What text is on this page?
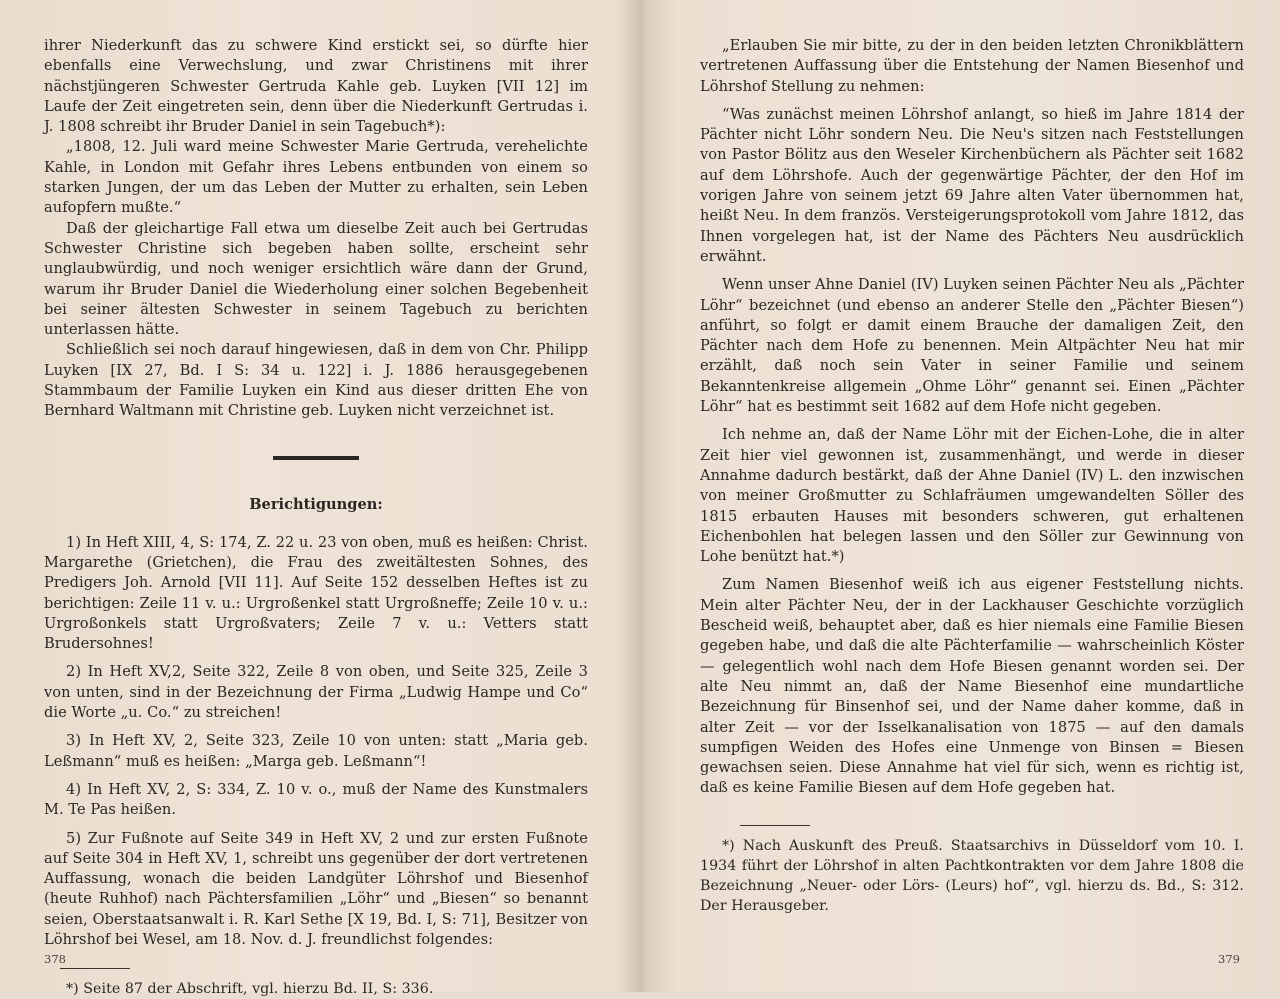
ihrer Niederkunft das zu schwere Kind erstickt sei, so dürfte hier ebenfalls eine Verwechslung, und zwar Christinens mit ihrer nächstjüngeren Schwester Gertruda Kahle geb. Luyken [VII 12] im Laufe der Zeit eingetreten sein, denn über die Niederkunft Gertrudas i. J. 1808 schreibt ihr Bruder Daniel in sein Tagebuch*):

„1808, 12. Juli ward meine Schwester Marie Gertruda, verehelichte Kahle, in London mit Gefahr ihres Lebens entbunden von einem so starken Jungen, der um das Leben der Mutter zu erhalten, sein Leben aufopfern mußte.“

Daß der gleichartige Fall etwa um dieselbe Zeit auch bei Gertrudas Schwester Christine sich begeben haben sollte, erscheint sehr unglaubwürdig, und noch weniger ersichtlich wäre dann der Grund, warum ihr Bruder Daniel die Wiederholung einer solchen Begebenheit bei seiner ältesten Schwester in seinem Tagebuch zu berichten unterlassen hätte.

Schließlich sei noch darauf hingewiesen, daß in dem von Chr. Philipp Luyken [IX 27, Bd. I S: 34 u. 122] i. J. 1886 herausgegebenen Stammbaum der Familie Luyken ein Kind aus dieser dritten Ehe von Bernhard Waltmann mit Christine geb. Luyken nicht verzeichnet ist.

Berichtigungen:

1) In Heft XIII, 4, S: 174, Z. 22 u. 23 von oben, muß es heißen: Christ. Margarethe (Grietchen), die Frau des zweitältesten Sohnes, des Predigers Joh. Arnold [VII 11]. Auf Seite 152 desselben Heftes ist zu berichtigen: Zeile 11 v. u.: Urgroßenkel statt Urgroßneffe; Zeile 10 v. u.: Urgroßonkels statt Urgroßvaters; Zeile 7 v. u.: Vetters statt Brudersohnes!

2) In Heft XV,2, Seite 322, Zeile 8 von oben, und Seite 325, Zeile 3 von unten, sind in der Bezeichnung der Firma „Ludwig Hampe und Co“ die Worte „u. Co.“ zu streichen!

3) In Heft XV, 2, Seite 323, Zeile 10 von unten: statt „Maria geb. Leßmann“ muß es heißen: „Marga geb. Leßmann“!

4) In Heft XV, 2, S: 334, Z. 10 v. o., muß der Name des Kunstmalers M. Te Pas heißen.

5) Zur Fußnote auf Seite 349 in Heft XV, 2 und zur ersten Fußnote auf Seite 304 in Heft XV, 1, schreibt uns gegenüber der dort vertretenen Auffassung, wonach die beiden Landgüter Löhrshof und Biesenhof (heute Ruhhof) nach Pächtersfamilien „Löhr“ und „Biesen“ so benannt seien, Oberstaatsanwalt i. R. Karl Sethe [X 19, Bd. I, S: 71], Besitzer von Löhrshof bei Wesel, am 18. Nov. d. J. freundlichst folgendes:

*) Seite 87 der Abschrift, vgl. hierzu Bd. II, S: 336.

378

„Erlauben Sie mir bitte, zu der in den beiden letzten Chronikblättern vertretenen Auffassung über die Entstehung der Namen Biesenhof und Löhrshof Stellung zu nehmen:

“Was zunächst meinen Löhrshof anlangt, so hieß im Jahre 1814 der Pächter nicht Löhr sondern Neu. Die Neu's sitzen nach Feststellungen von Pastor Bölitz aus den Weseler Kirchenbüchern als Pächter seit 1682 auf dem Löhrshofe. Auch der gegenwärtige Pächter, der den Hof im vorigen Jahre von seinem jetzt 69 Jahre alten Vater übernommen hat, heißt Neu. In dem französ. Versteigerungsprotokoll vom Jahre 1812, das Ihnen vorgelegen hat, ist der Name des Pächters Neu ausdrücklich erwähnt.

Wenn unser Ahne Daniel (IV) Luyken seinen Pächter Neu als „Pächter Löhr“ bezeichnet (und ebenso an anderer Stelle den „Pächter Biesen“) anführt, so folgt er damit einem Brauche der damaligen Zeit, den Pächter nach dem Hofe zu benennen. Mein Altpächter Neu hat mir erzählt, daß noch sein Vater in seiner Familie und seinem Bekanntenkreise allgemein „Ohme Löhr“ genannt sei. Einen „Pächter Löhr“ hat es bestimmt seit 1682 auf dem Hofe nicht gegeben.

Ich nehme an, daß der Name Löhr mit der Eichen-Lohe, die in alter Zeit hier viel gewonnen ist, zusammenhängt, und werde in dieser Annahme dadurch bestärkt, daß der Ahne Daniel (IV) L. den inzwischen von meiner Großmutter zu Schlafräumen umgewandelten Söller des 1815 erbauten Hauses mit besonders schweren, gut erhaltenen Eichenbohlen hat belegen lassen und den Söller zur Gewinnung von Lohe benützt hat.*)

Zum Namen Biesenhof weiß ich aus eigener Feststellung nichts. Mein alter Pächter Neu, der in der Lackhauser Geschichte vorzüglich Bescheid weiß, behauptet aber, daß es hier niemals eine Familie Biesen gegeben habe, und daß die alte Pächterfamilie — wahrscheinlich Köster — gelegentlich wohl nach dem Hofe Biesen genannt worden sei. Der alte Neu nimmt an, daß der Name Biesenhof eine mundartliche Bezeichnung für Binsenhof sei, und der Name daher komme, daß in alter Zeit — vor der Isselkanalisation von 1875 — auf den damals sumpfigen Weiden des Hofes eine Unmenge von Binsen = Biesen gewachsen seien. Diese Annahme hat viel für sich, wenn es richtig ist, daß es keine Familie Biesen auf dem Hofe gegeben hat.

*) Nach Auskunft des Preuß. Staatsarchivs in Düsseldorf vom 10. I. 1934 führt der Löhrshof in alten Pachtkontrakten vor dem Jahre 1808 die Bezeichnung „Neuer- oder Lörs- (Leurs) hof“, vgl. hierzu ds. Bd., S: 312. Der Herausgeber.

379
